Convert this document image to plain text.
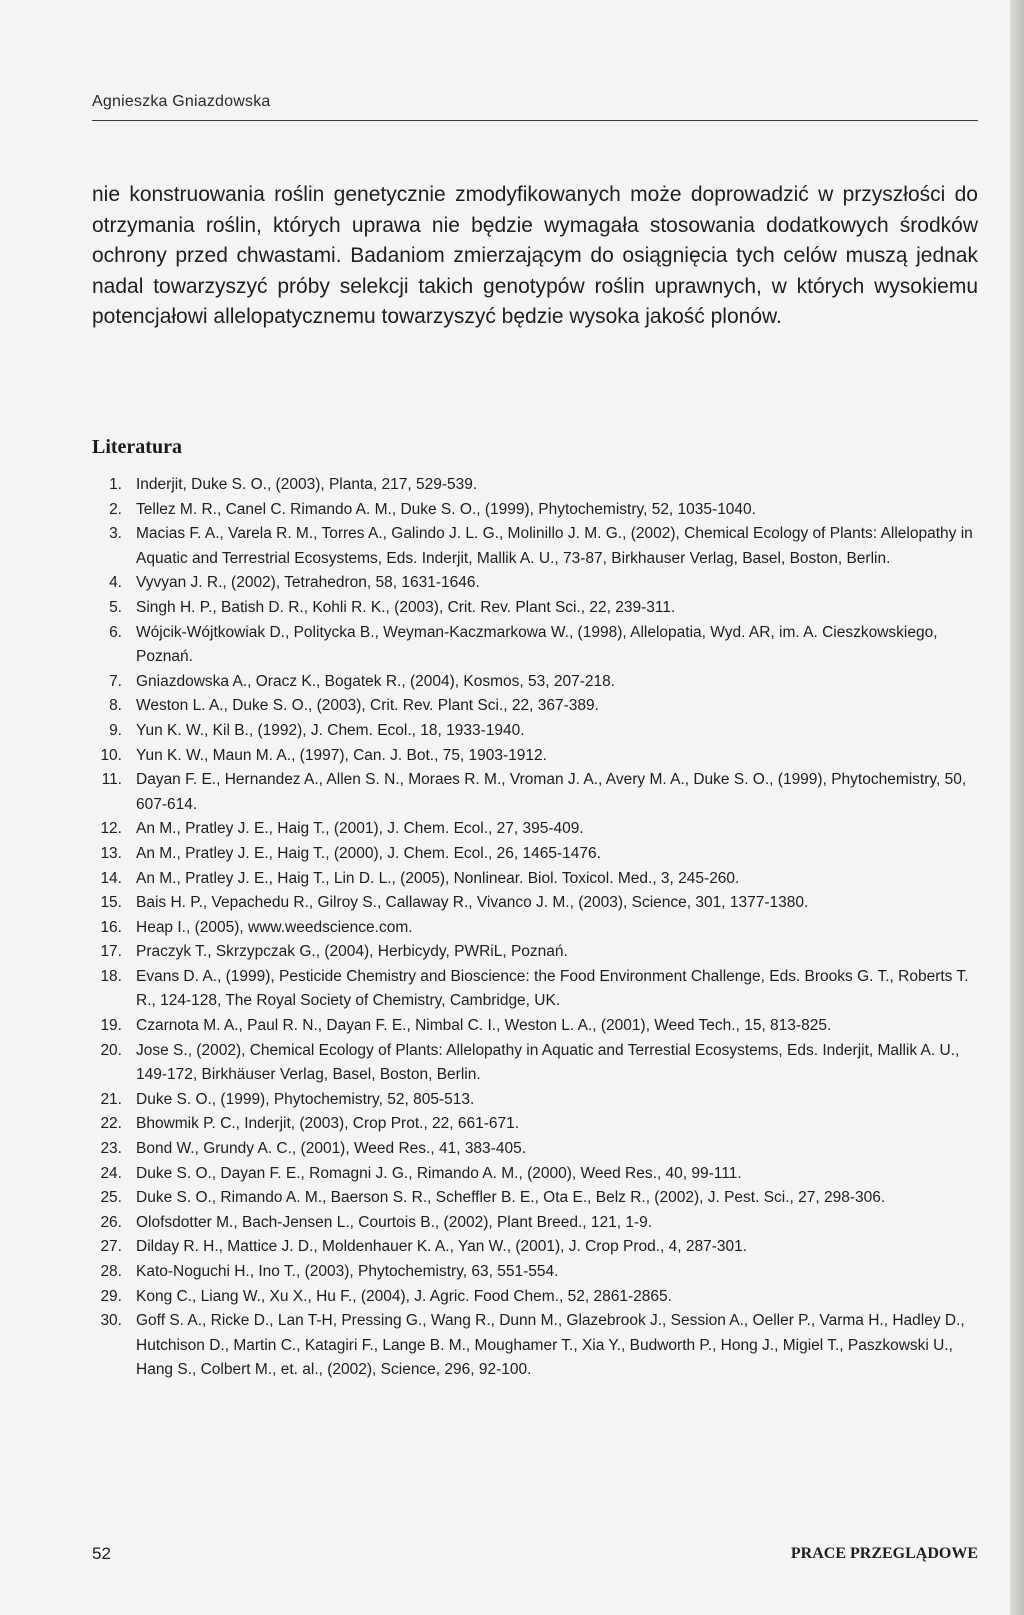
Agnieszka Gniazdowska

nie konstruowania roślin genetycznie zmodyfikowanych może doprowadzić w przyszłości do otrzymania roślin, których uprawa nie będzie wymagała stosowania dodatkowych środków ochrony przed chwastami. Badaniom zmierzającym do osiągnięcia tych celów muszą jednak nadal towarzyszyć próby selekcji takich genotypów roślin uprawnych, w których wysokiemu potencjałowi allelopatycznemu towarzyszyć będzie wysoka jakość plonów.

Literatura
1. Inderjit, Duke S. O., (2003), Planta, 217, 529-539.
2. Tellez M. R., Canel C. Rimando A. M., Duke S. O., (1999), Phytochemistry, 52, 1035-1040.
3. Macias F. A., Varela R. M., Torres A., Galindo J. L. G., Molinillo J. M. G., (2002), Chemical Ecology of Plants: Allelopathy in Aquatic and Terrestrial Ecosystems, Eds. Inderjit, Mallik A. U., 73-87, Birkhauser Verlag, Basel, Boston, Berlin.
4. Vyvyan J. R., (2002), Tetrahedron, 58, 1631-1646.
5. Singh H. P., Batish D. R., Kohli R. K., (2003), Crit. Rev. Plant Sci., 22, 239-311.
6. Wójcik-Wójtkowiak D., Politycka B., Weyman-Kaczmarkowa W., (1998), Allelopatia, Wyd. AR, im. A. Cieszkowskiego, Poznań.
7. Gniazdowska A., Oracz K., Bogatek R., (2004), Kosmos, 53, 207-218.
8. Weston L. A., Duke S. O., (2003), Crit. Rev. Plant Sci., 22, 367-389.
9. Yun K. W., Kil B., (1992), J. Chem. Ecol., 18, 1933-1940.
10. Yun K. W., Maun M. A., (1997), Can. J. Bot., 75, 1903-1912.
11. Dayan F. E., Hernandez A., Allen S. N., Moraes R. M., Vroman J. A., Avery M. A., Duke S. O., (1999), Phytochemistry, 50, 607-614.
12. An M., Pratley J. E., Haig T., (2001), J. Chem. Ecol., 27, 395-409.
13. An M., Pratley J. E., Haig T., (2000), J. Chem. Ecol., 26, 1465-1476.
14. An M., Pratley J. E., Haig T., Lin D. L., (2005), Nonlinear. Biol. Toxicol. Med., 3, 245-260.
15. Bais H. P., Vepachedu R., Gilroy S., Callaway R., Vivanco J. M., (2003), Science, 301, 1377-1380.
16. Heap I., (2005), www.weedscience.com.
17. Praczyk T., Skrzypczak G., (2004), Herbicydy, PWRiL, Poznań.
18. Evans D. A., (1999), Pesticide Chemistry and Bioscience: the Food Environment Challenge, Eds. Brooks G. T., Roberts T. R., 124-128, The Royal Society of Chemistry, Cambridge, UK.
19. Czarnota M. A., Paul R. N., Dayan F. E., Nimbal C. I., Weston L. A., (2001), Weed Tech., 15, 813-825.
20. Jose S., (2002), Chemical Ecology of Plants: Allelopathy in Aquatic and Terrestial Ecosystems, Eds. Inderjit, Mallik A. U., 149-172, Birkhäuser Verlag, Basel, Boston, Berlin.
21. Duke S. O., (1999), Phytochemistry, 52, 805-513.
22. Bhowmik P. C., Inderjit, (2003), Crop Prot., 22, 661-671.
23. Bond W., Grundy A. C., (2001), Weed Res., 41, 383-405.
24. Duke S. O., Dayan F. E., Romagni J. G., Rimando A. M., (2000), Weed Res., 40, 99-111.
25. Duke S. O., Rimando A. M., Baerson S. R., Scheffler B. E., Ota E., Belz R., (2002), J. Pest. Sci., 27, 298-306.
26. Olofsdotter M., Bach-Jensen L., Courtois B., (2002), Plant Breed., 121, 1-9.
27. Dilday R. H., Mattice J. D., Moldenhauer K. A., Yan W., (2001), J. Crop Prod., 4, 287-301.
28. Kato-Noguchi H., Ino T., (2003), Phytochemistry, 63, 551-554.
29. Kong C., Liang W., Xu X., Hu F., (2004), J. Agric. Food Chem., 52, 2861-2865.
30. Goff S. A., Ricke D., Lan T-H, Pressing G., Wang R., Dunn M., Glazebrook J., Session A., Oeller P., Varma H., Hadley D., Hutchison D., Martin C., Katagiri F., Lange B. M., Moughamer T., Xia Y., Budworth P., Hong J., Migiel T., Paszkowski U., Hang S., Colbert M., et. al., (2002), Science, 296, 92-100.
52	PRACE PRZEGLĄDOWE
